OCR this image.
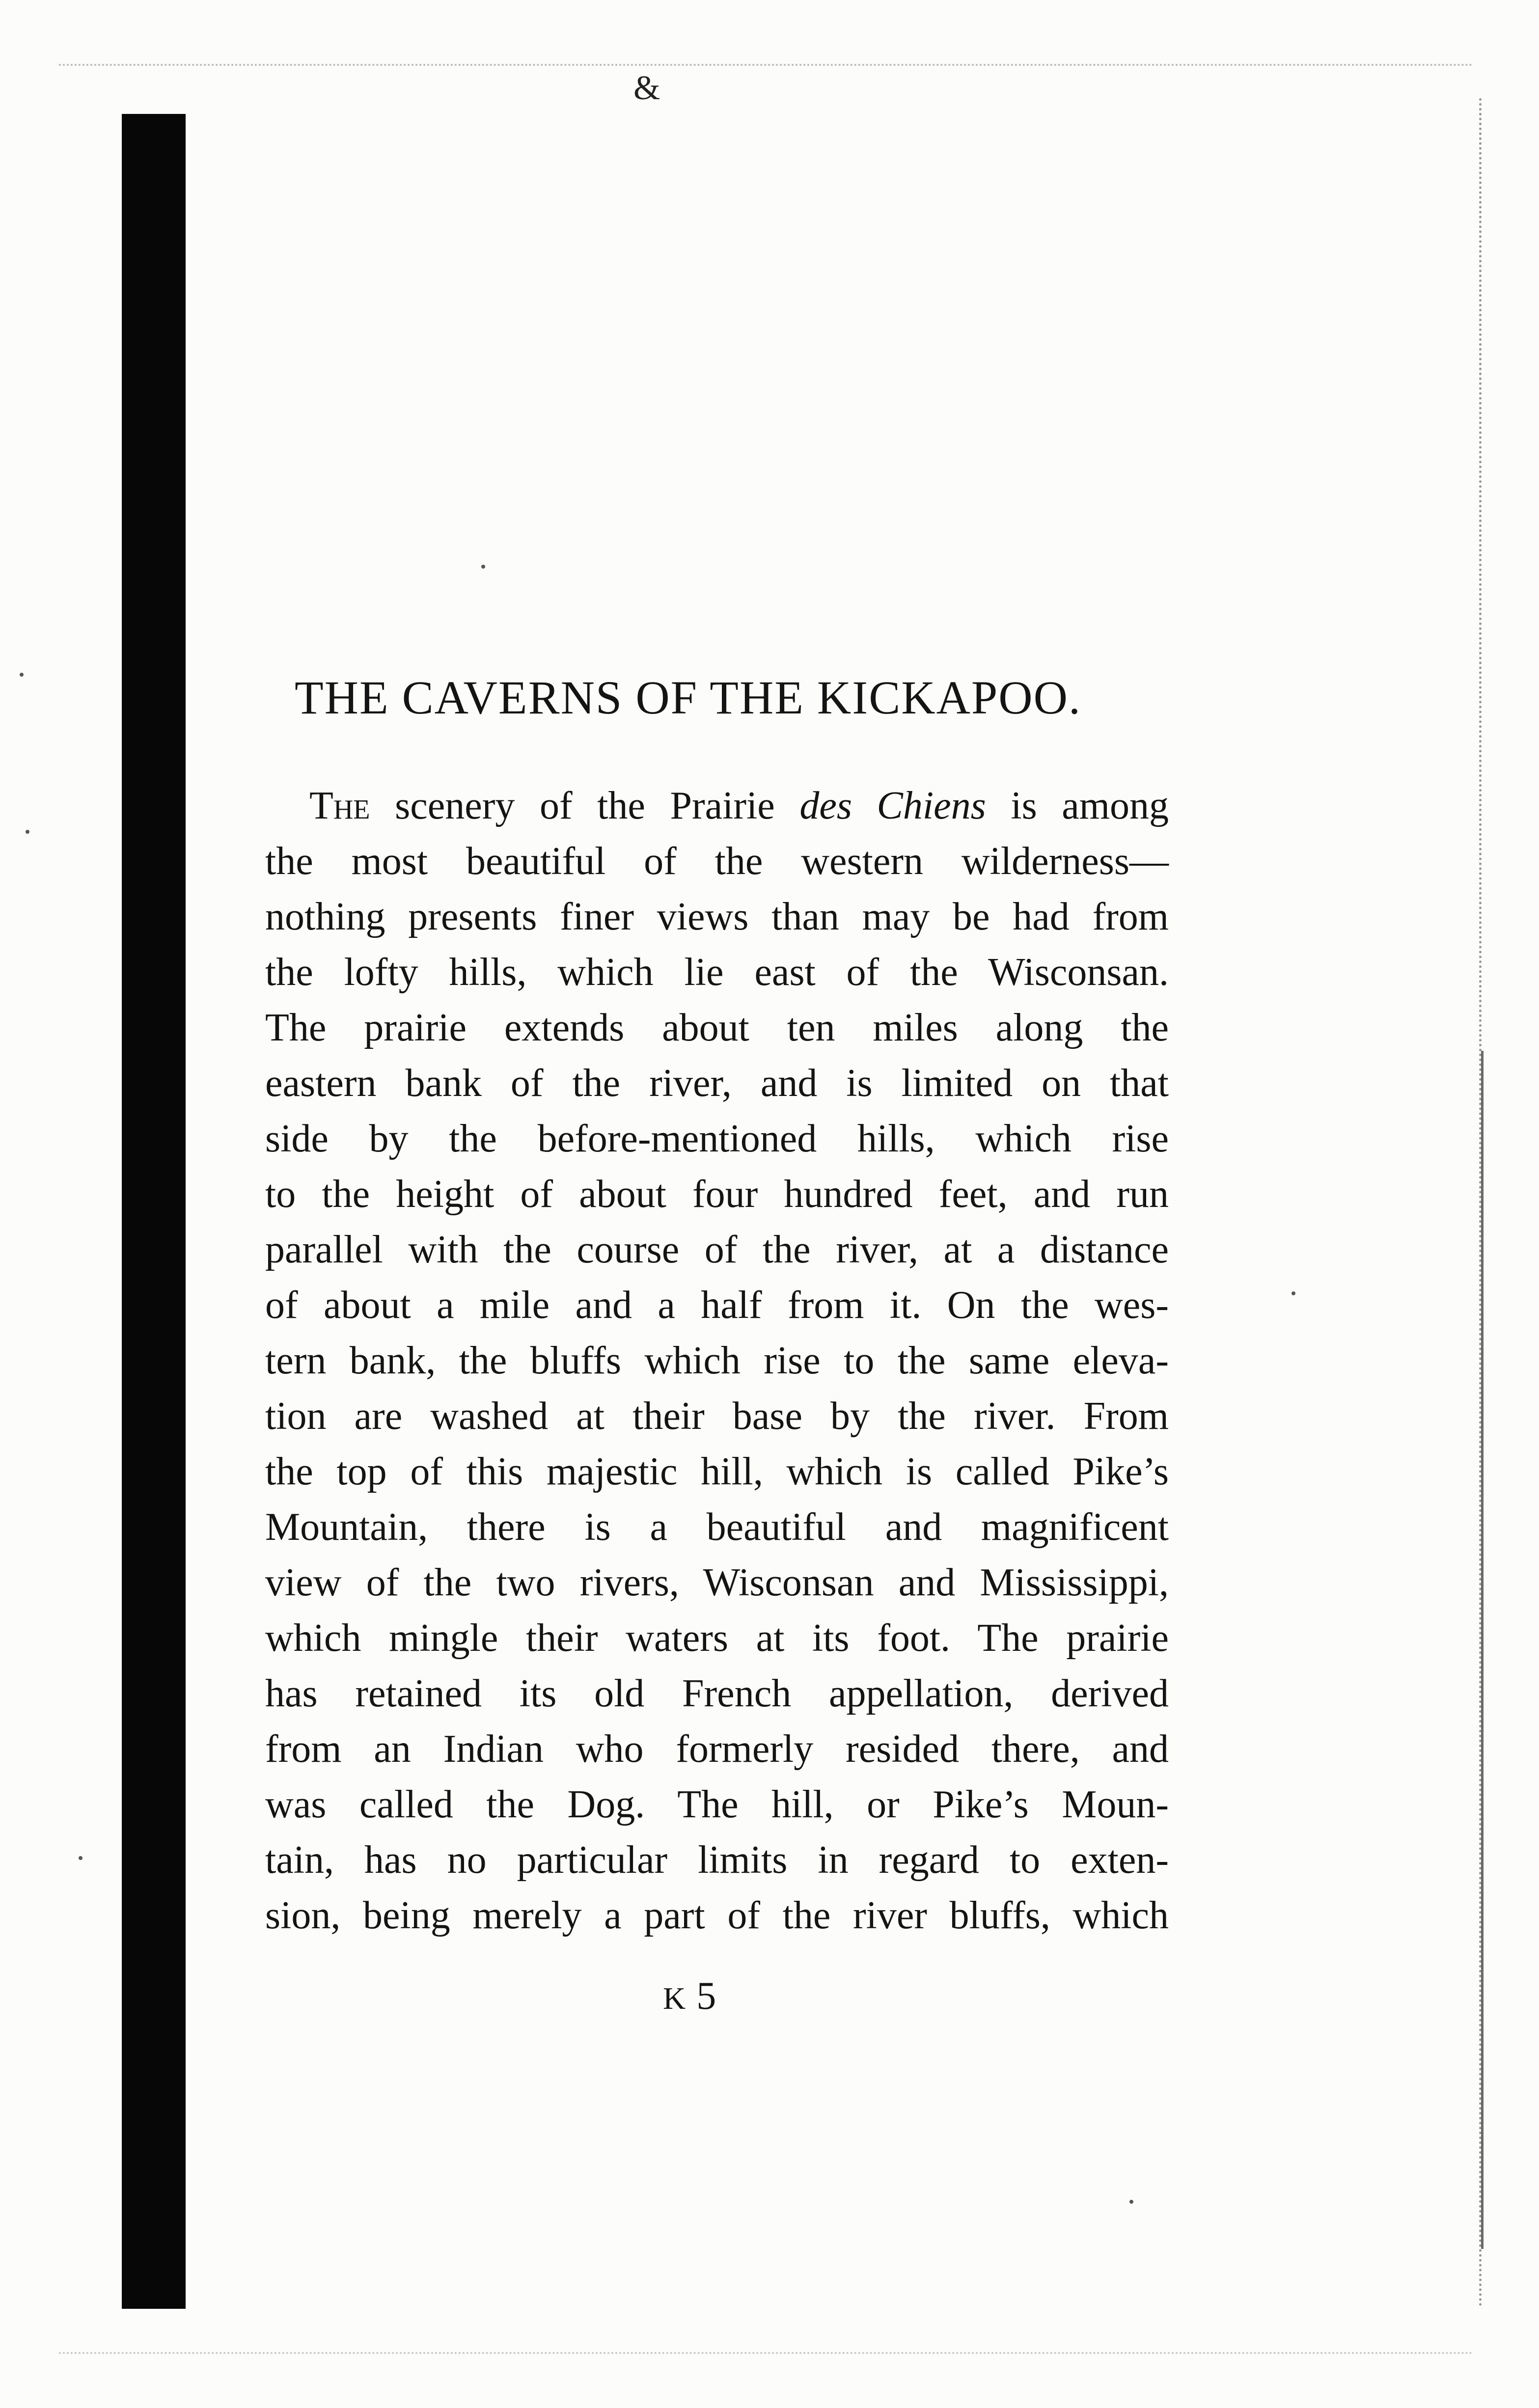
&
THE CAVERNS OF THE KICKAPOO.
The scenery of the Prairie des Chiens is among
the most beautiful of the western wilderness—
nothing presents finer views than may be had from
the lofty hills, which lie east of the Wisconsan.
The prairie extends about ten miles along the
eastern bank of the river, and is limited on that
side by the before-mentioned hills, which rise
to the height of about four hundred feet, and run
parallel with the course of the river, at a distance
of about a mile and a half from it. On the wes-
tern bank, the bluffs which rise to the same eleva-
tion are washed at their base by the river. From
the top of this majestic hill, which is called Pike’s
Mountain, there is a beautiful and magnificent
view of the two rivers, Wisconsan and Mississippi,
which mingle their waters at its foot. The prairie
has retained its old French appellation, derived
from an Indian who formerly resided there, and
was called the Dog. The hill, or Pike’s Moun-
tain, has no particular limits in regard to exten-
sion, being merely a part of the river bluffs, which
K 5
